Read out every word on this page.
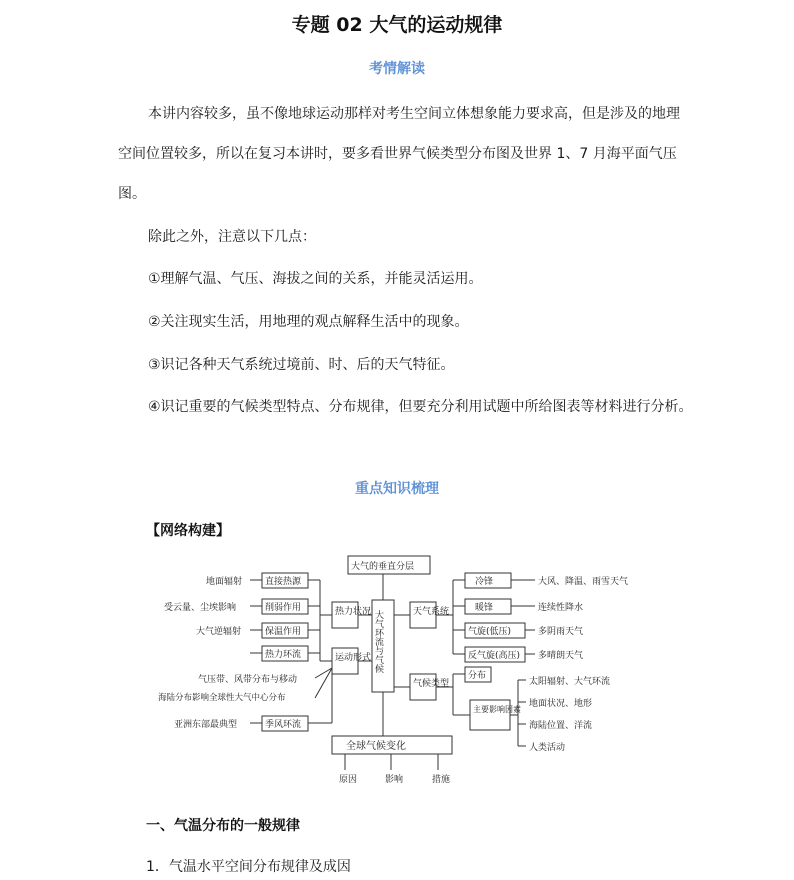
专题 02 大气的运动规律
考情解读

本讲内容较多，虽不像地球运动那样对考生空间立体想象能力要求高，但是涉及的地理空间位置较多，所以在复习本讲时，要多看世界气候类型分布图及世界 1、7 月海平面气压图。

除此之外，注意以下几点：
①理解气温、气压、海拔之间的关系，并能灵活运用。
②关注现实生活，用地理的观点解释生活中的现象。
③识记各种天气系统过境前、时、后的天气特征。
④识记重要的气候类型特点、分布规律，但要充分利用试题中所给图表等材料进行分析。
重点知识梳理
【网络构建】
大气的垂直分层
大气环流与气候
热力状况
运动形式
天气系统
气候类型
直接热源
削弱作用
保温作用
热力环流
季风环流
地面辐射
受云量、尘埃影响
大气逆辐射
气压带、风带分布与移动
海陆分布影响全球性大气中心分布
亚洲东部最典型
冷锋
暖锋
气旋(低压)
反气旋(高压)
分布
主要影响因素
大风、降温、雨雪天气
连续性降水
多阴雨天气
多晴朗天气
太阳辐射、大气环流
地面状况、地形
海陆位置、洋流
人类活动
全球气候变化
原因	影响	措施
一、气温分布的一般规律
1．气温水平空间分布规律及成因
